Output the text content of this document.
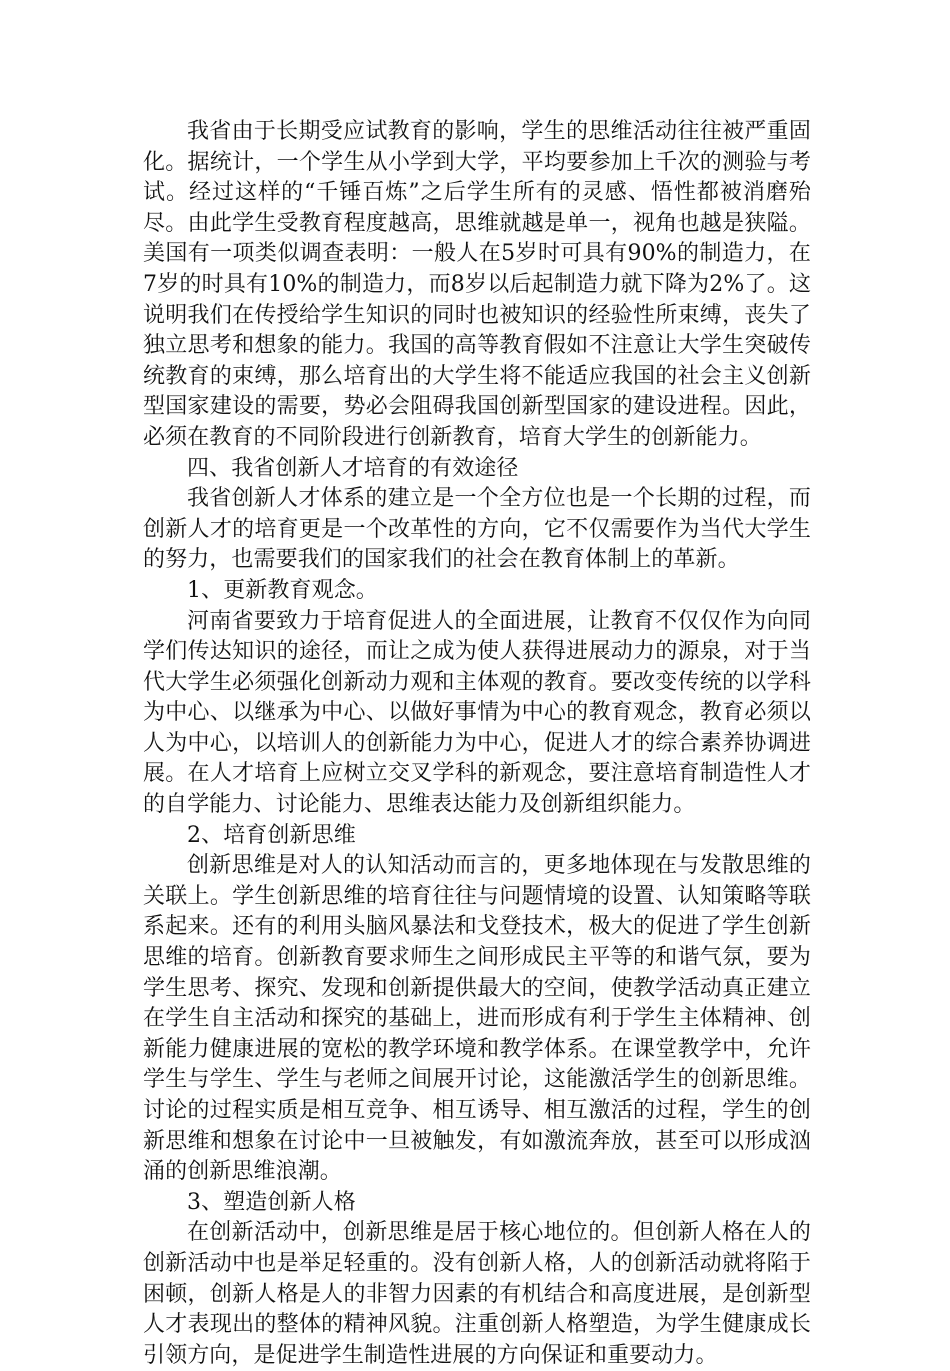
我省由于长期受应试教育的影响，学生的思维活动往往被严重固化。据统计，一个学生从小学到大学，平均要参加上千次的测验与考试。经过这样的“千锤百炼”之后学生所有的灵感、悟性都被消磨殆尽。由此学生受教育程度越高，思维就越是单一，视角也越是狭隘。美国有一项类似调查表明：一般人在5岁时可具有90%的制造力，在7岁的时具有10%的制造力，而8岁以后起制造力就下降为2%了。这说明我们在传授给学生知识的同时也被知识的经验性所束缚，丧失了独立思考和想象的能力。我国的高等教育假如不注意让大学生突破传统教育的束缚，那么培育出的大学生将不能适应我国的社会主义创新型国家建设的需要，势必会阻碍我国创新型国家的建设进程。因此，必须在教育的不同阶段进行创新教育，培育大学生的创新能力。

四、我省创新人才培育的有效途径

我省创新人才体系的建立是一个全方位也是一个长期的过程，而创新人才的培育更是一个改革性的方向，它不仅需要作为当代大学生的努力，也需要我们的国家我们的社会在教育体制上的革新。

1、更新教育观念。

河南省要致力于培育促进人的全面进展，让教育不仅仅作为向同学们传达知识的途径，而让之成为使人获得进展动力的源泉，对于当代大学生必须强化创新动力观和主体观的教育。要改变传统的以学科为中心、以继承为中心、以做好事情为中心的教育观念，教育必须以人为中心，以培训人的创新能力为中心，促进人才的综合素养协调进展。在人才培育上应树立交叉学科的新观念，要注意培育制造性人才的自学能力、讨论能力、思维表达能力及创新组织能力。

2、培育创新思维

创新思维是对人的认知活动而言的，更多地体现在与发散思维的关联上。学生创新思维的培育往往与问题情境的设置、认知策略等联系起来。还有的利用头脑风暴法和戈登技术，极大的促进了学生创新思维的培育。创新教育要求师生之间形成民主平等的和谐气氛，要为学生思考、探究、发现和创新提供最大的空间，使教学活动真正建立在学生自主活动和探究的基础上，进而形成有利于学生主体精神、创新能力健康进展的宽松的教学环境和教学体系。在课堂教学中，允许学生与学生、学生与老师之间展开讨论，这能激活学生的创新思维。讨论的过程实质是相互竞争、相互诱导、相互激活的过程，学生的创新思维和想象在讨论中一旦被触发，有如激流奔放，甚至可以形成汹涌的创新思维浪潮。

3、塑造创新人格

在创新活动中，创新思维是居于核心地位的。但创新人格在人的创新活动中也是举足轻重的。没有创新人格，人的创新活动就将陷于困顿，创新人格是人的非智力因素的有机结合和高度进展，是创新型人才表现出的整体的精神风貌。注重创新人格塑造，为学生健康成长引领方向，是促进学生制造性进展的方向保证和重要动力。
